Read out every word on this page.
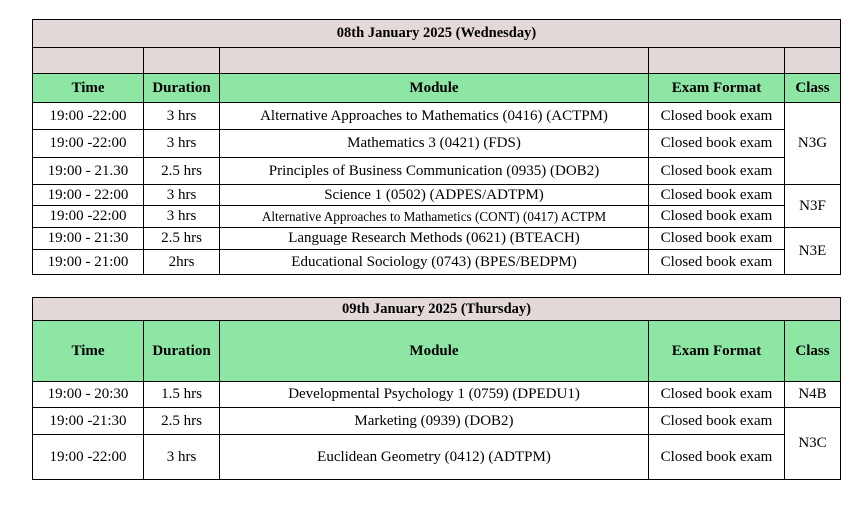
08th January 2025 (Wednesday)				

Time	Duration	Module	Exam Format	Class
19:00 -22:00	3 hrs	Alternative Approaches to Mathematics (0416) (ACTPM)	Closed book exam	N3G
19:00 -22:00	3 hrs	Mathematics 3 (0421) (FDS)	Closed book exam	
19:00 - 21.30	2.5 hrs	Principles of Business Communication (0935) (DOB2)	Closed book exam	
19:00 - 22:00	3 hrs	Science 1 (0502) (ADPES/ADTPM)	Closed book exam	N3F
19:00 -22:00	3 hrs	Alternative Approaches to Mathametics (CONT) (0417) ACTPM	Closed book exam	
19:00 - 21:30	2.5 hrs	Language Research Methods (0621) (BTEACH)	Closed book exam	N3E
19:00 - 21:00	2hrs	Educational Sociology (0743) (BPES/BEDPM)	Closed book exam	
09th January 2025 (Thursday)				
Time	Duration	Module	Exam Format	Class
19:00 - 20:30	1.5 hrs	Developmental Psychology 1 (0759) (DPEDU1)	Closed book exam	N4B
19:00 -21:30	2.5 hrs	Marketing (0939) (DOB2)	Closed book exam	N3C
19:00 -22:00	3 hrs	Euclidean Geometry (0412) (ADTPM)	Closed book exam	
